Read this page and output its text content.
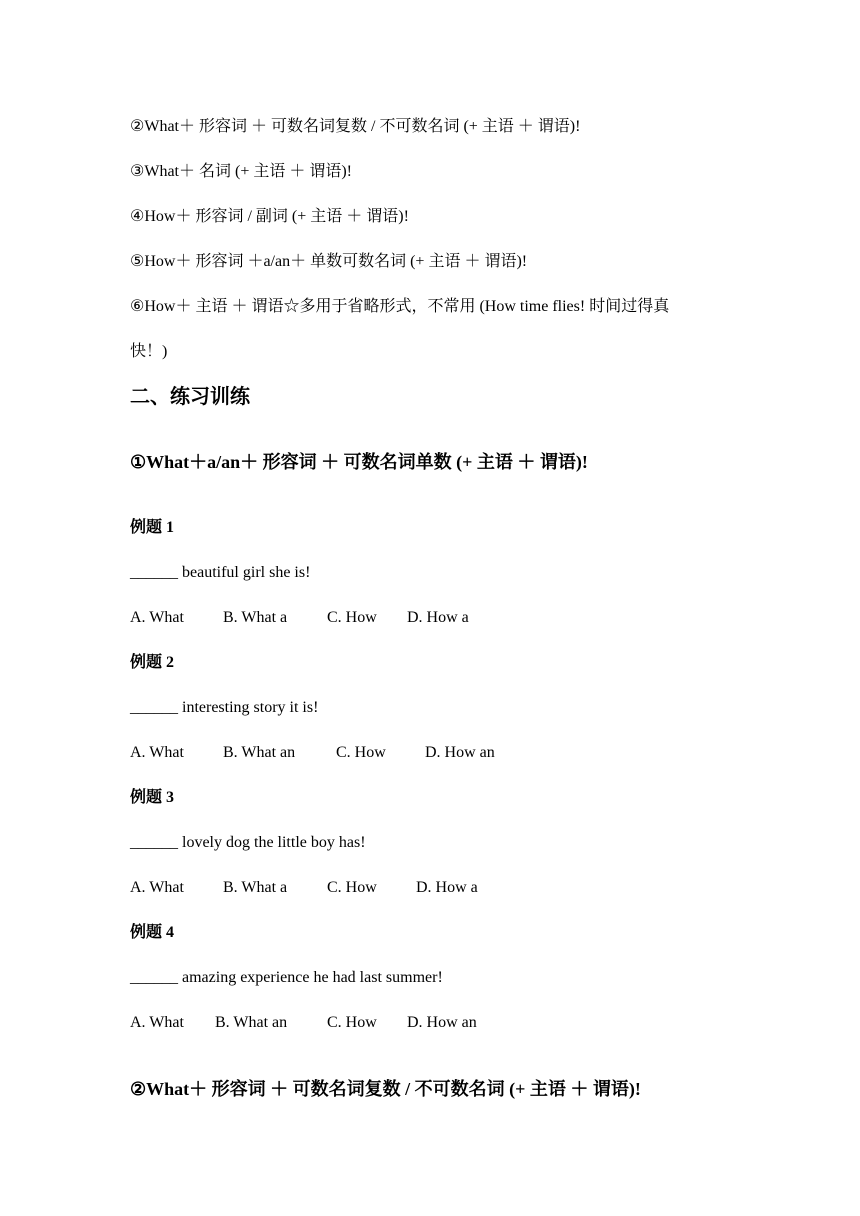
②What＋ 形容词 ＋ 可数名词复数 / 不可数名词 (+ 主语 ＋ 谓语)!
③What＋ 名词 (+ 主语 ＋ 谓语)!
④How＋ 形容词 / 副词 (+ 主语 ＋ 谓语)!
⑤How＋ 形容词 ＋a/an＋ 单数可数名词 (+ 主语 ＋ 谓语)!
⑥How＋ 主语 ＋ 谓语☆多用于省略形式，不常用 (How time flies! 时间过得真
快！)
二、练习训练
①What＋a/an＋ 形容词 ＋ 可数名词单数 (+ 主语 ＋ 谓语)!
例题 1
______ beautiful girl she is!
A. What B. What a C. How D. How a
例题 2
______ interesting story it is!
A. What B. What an	C. How D. How an
例题 3
______ lovely dog the little boy has!
A. What B. What a C. How D. How a
例题 4
______ amazing experience he had last summer!
A. What B. What an C. How D. How an
②What＋ 形容词 ＋ 可数名词复数 / 不可数名词 (+ 主语 ＋ 谓语)!
